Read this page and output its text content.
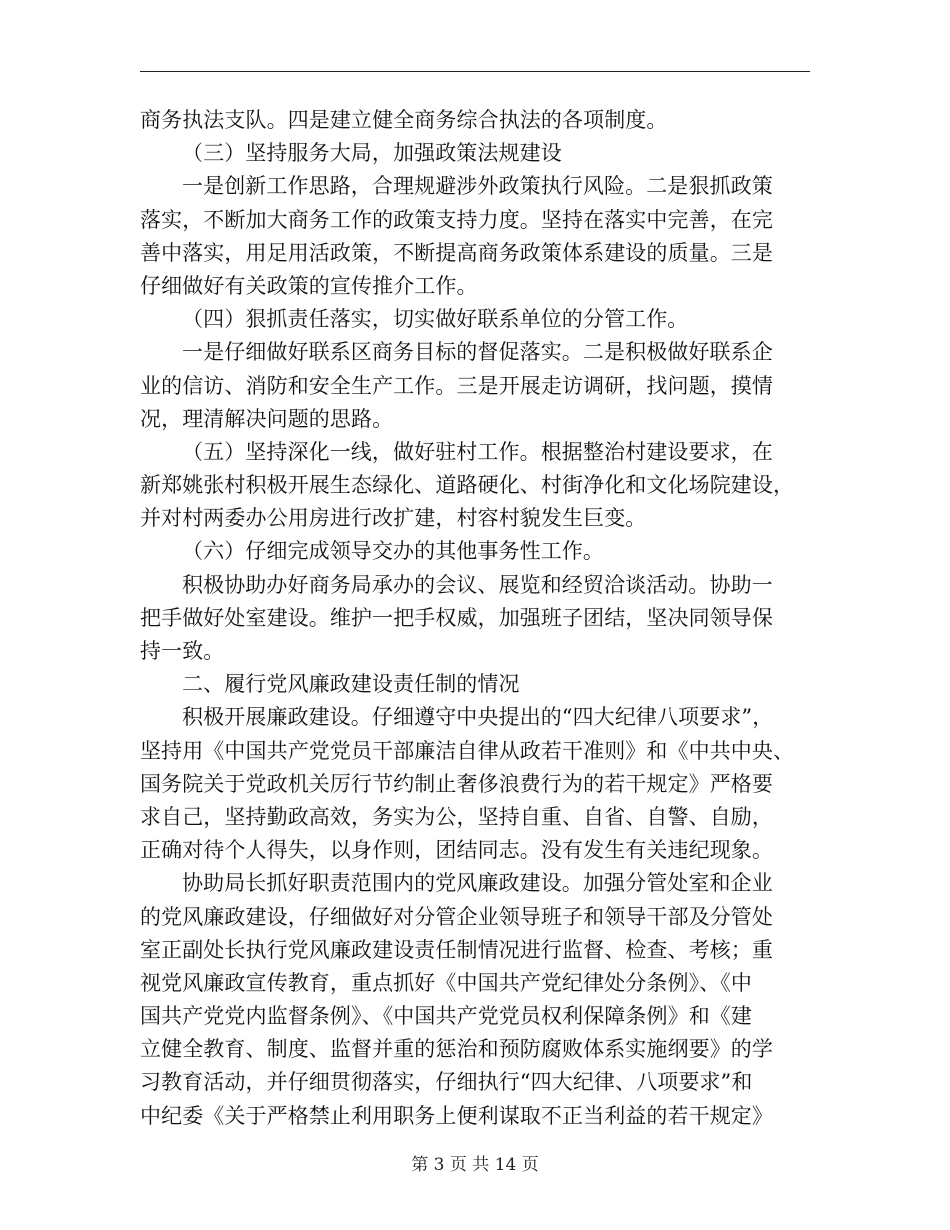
商务执法支队。四是建立健全商务综合执法的各项制度。
（三）坚持服务大局，加强政策法规建设
一是创新工作思路，合理规避涉外政策执行风险。二是狠抓政策
落实，不断加大商务工作的政策支持力度。坚持在落实中完善，在完
善中落实，用足用活政策，不断提高商务政策体系建设的质量。三是
仔细做好有关政策的宣传推介工作。
（四）狠抓责任落实，切实做好联系单位的分管工作。
一是仔细做好联系区商务目标的督促落实。二是积极做好联系企
业的信访、消防和安全生产工作。三是开展走访调研，找问题，摸情
况，理清解决问题的思路。
（五）坚持深化一线，做好驻村工作。根据整治村建设要求，在
新郑姚张村积极开展生态绿化、道路硬化、村街净化和文化场院建设，
并对村两委办公用房进行改扩建，村容村貌发生巨变。
（六）仔细完成领导交办的其他事务性工作。
积极协助办好商务局承办的会议、展览和经贸洽谈活动。协助一
把手做好处室建设。维护一把手权威，加强班子团结，坚决同领导保
持一致。
二、履行党风廉政建设责任制的情况
积极开展廉政建设。仔细遵守中央提出的“四大纪律八项要求”，
坚持用《中国共产党党员干部廉洁自律从政若干准则》和《中共中央、
国务院关于党政机关厉行节约制止奢侈浪费行为的若干规定》严格要
求自己，坚持勤政高效，务实为公，坚持自重、自省、自警、自励，
正确对待个人得失，以身作则，团结同志。没有发生有关违纪现象。
协助局长抓好职责范围内的党风廉政建设。加强分管处室和企业
的党风廉政建设，仔细做好对分管企业领导班子和领导干部及分管处
室正副处长执行党风廉政建设责任制情况进行监督、检查、考核；重
视党风廉政宣传教育，重点抓好《中国共产党纪律处分条例》、《中
国共产党党内监督条例》、《中国共产党党员权利保障条例》和《建
立健全教育、制度、监督并重的惩治和预防腐败体系实施纲要》的学
习教育活动，并仔细贯彻落实，仔细执行“四大纪律、八项要求”和
中纪委《关于严格禁止利用职务上便利谋取不正当利益的若干规定》
第 3 页 共 14 页
